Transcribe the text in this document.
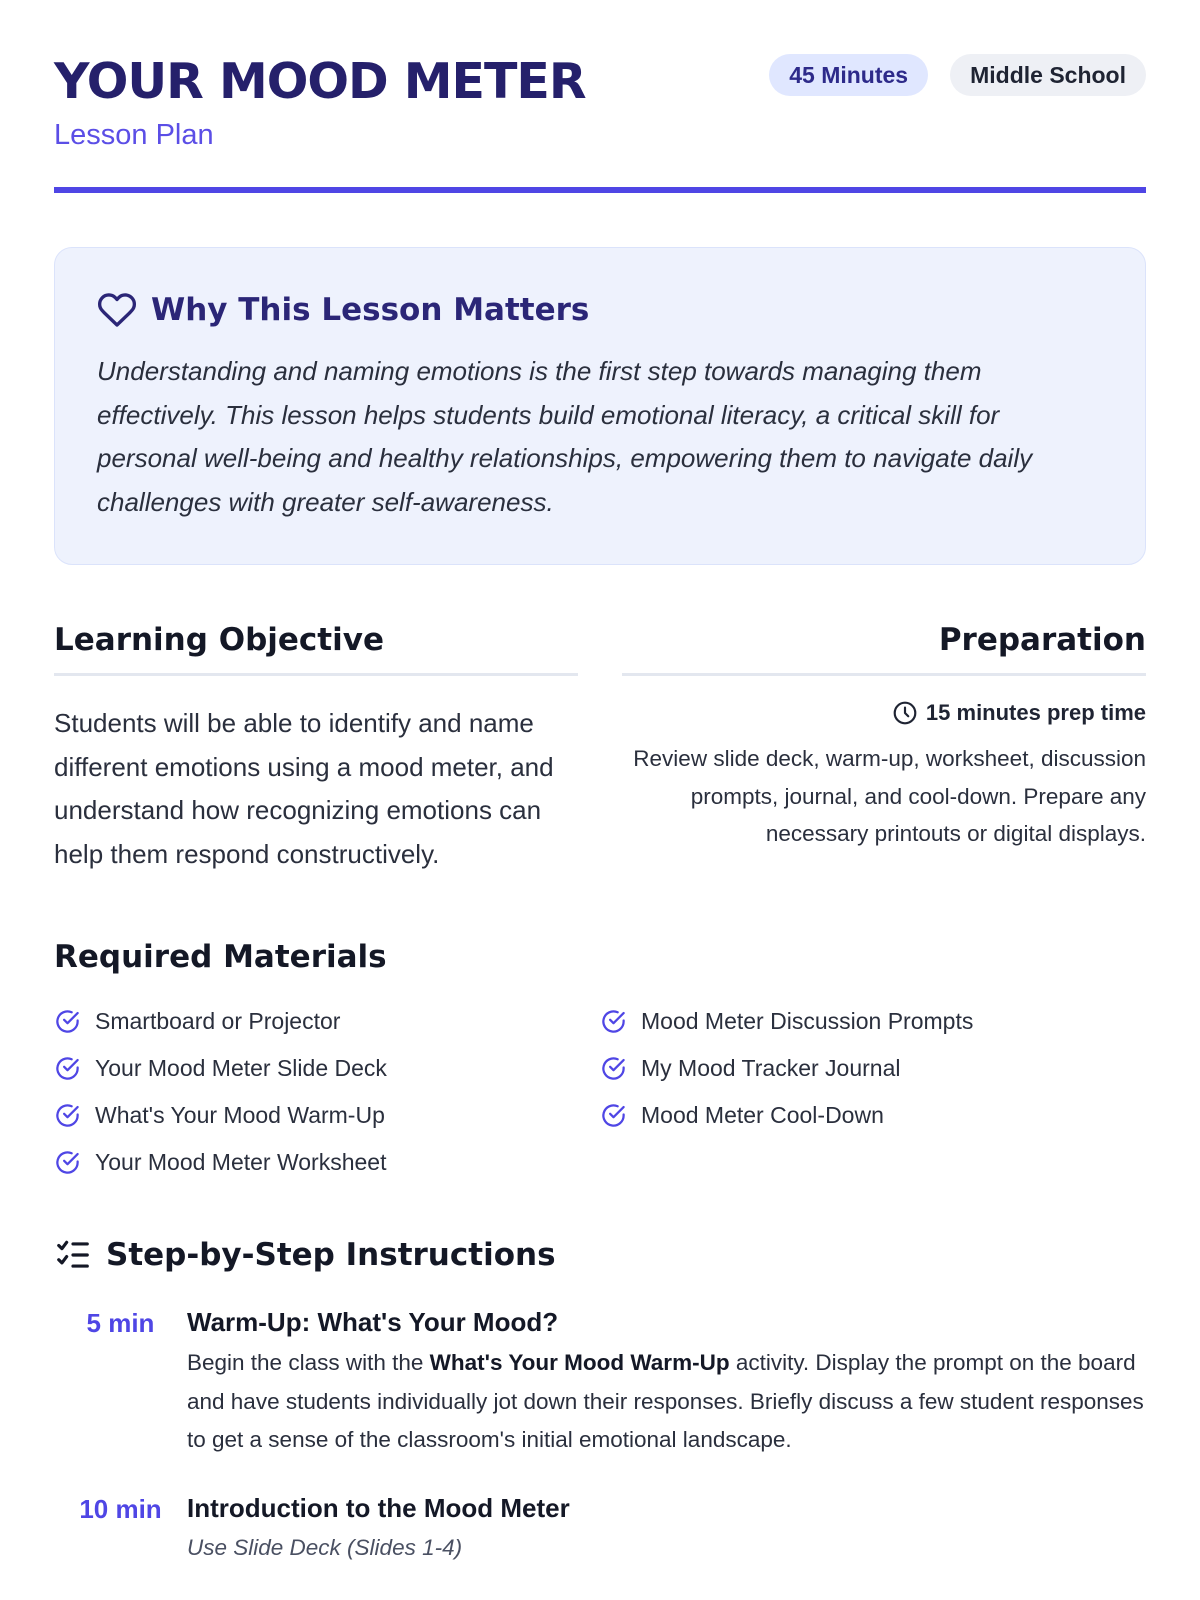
YOUR MOOD METER
Lesson Plan
45 Minutes	Middle School
Why This Lesson Matters

Understanding and naming emotions is the first step towards managing them effectively. This lesson helps students build emotional literacy, a critical skill for personal well-being and healthy relationships, empowering them to navigate daily challenges with greater self-awareness.

Learning Objective

Students will be able to identify and name different emotions using a mood meter, and understand how recognizing emotions can help them respond constructively.

Preparation
15 minutes prep time

Review slide deck, warm-up, worksheet, discussion prompts, journal, and cool-down. Prepare any necessary printouts or digital displays.

Required Materials
Smartboard or Projector
Your Mood Meter Slide Deck
What's Your Mood Warm-Up
Your Mood Meter Worksheet
Mood Meter Discussion Prompts
My Mood Tracker Journal
Mood Meter Cool-Down
Step-by-Step Instructions
5 min	Warm-Up: What's Your Mood?

Begin the class with the What's Your Mood Warm-Up activity. Display the prompt on the board and have students individually jot down their responses. Briefly discuss a few student responses to get a sense of the classroom's initial emotional landscape.

10 min Introduction to the Mood Meter
Use Slide Deck (Slides 1-4)
